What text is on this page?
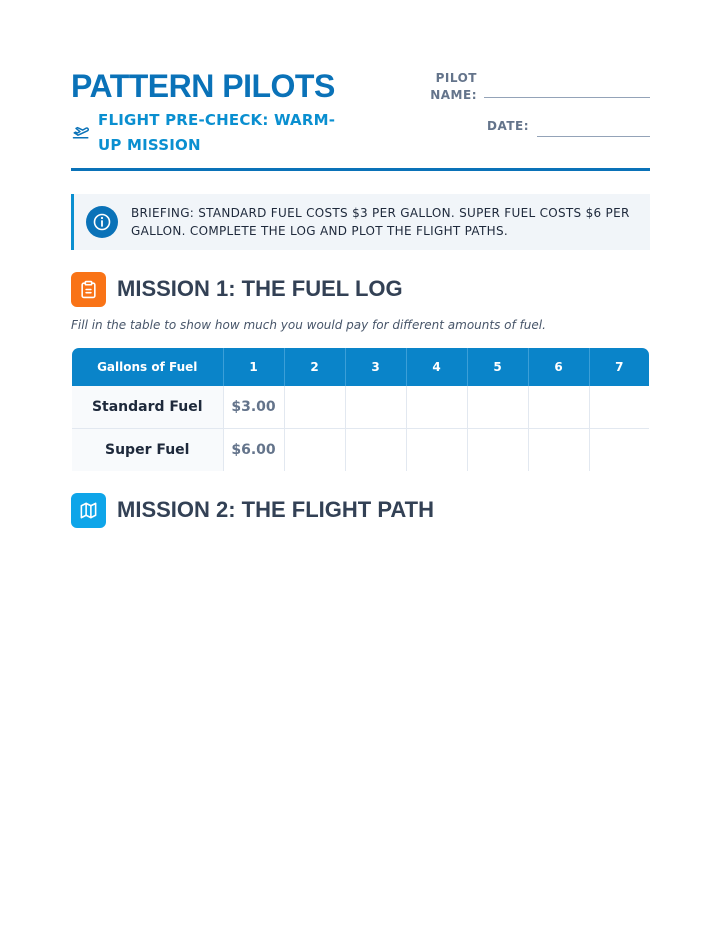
PATTERN PILOTS
FLIGHT PRE-CHECK: WARM-UP MISSION
PILOT NAME:
DATE:
BRIEFING: STANDARD FUEL COSTS $3 PER GALLON. SUPER FUEL COSTS $6 PER GALLON. COMPLETE THE LOG AND PLOT THE FLIGHT PATHS.
MISSION 1: THE FUEL LOG
Fill in the table to show how much you would pay for different amounts of fuel.
Gallons of Fuel	1	2	3	4	5	6	7
Standard Fuel	$3.00						
Super Fuel	$6.00						
MISSION 2: THE FLIGHT PATH
